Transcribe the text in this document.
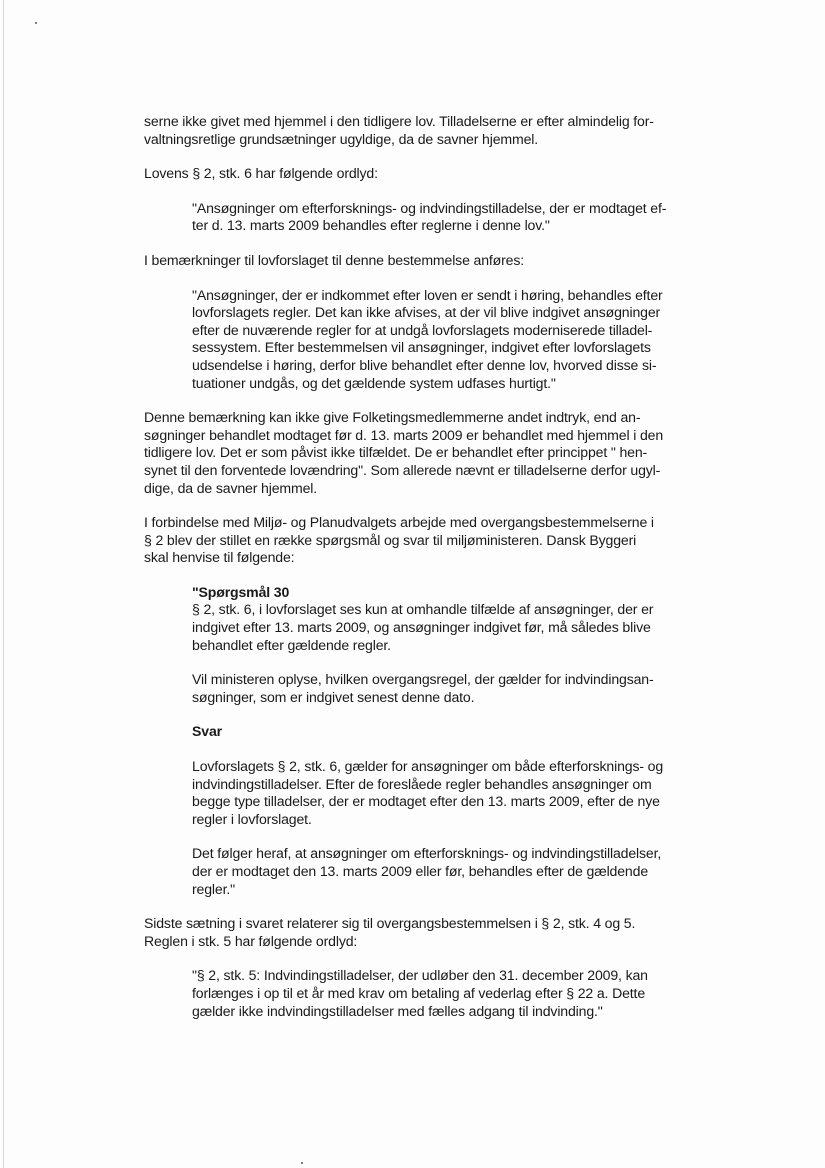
serne ikke givet med hjemmel i den tidligere lov. Tilladelserne er efter almindelig for-
valtningsretlige grundsætninger ugyldige, da de savner hjemmel.
Lovens § 2, stk. 6 har følgende ordlyd:
"Ansøgninger om efterforsknings- og indvindingstilladelse, der er modtaget ef-
ter d. 13. marts 2009 behandles efter reglerne i denne lov."
I bemærkninger til lovforslaget til denne bestemmelse anføres:
"Ansøgninger, der er indkommet efter loven er sendt i høring, behandles efter
lovforslagets regler. Det kan ikke afvises, at der vil blive indgivet ansøgninger
efter de nuværende regler for at undgå lovforslagets moderniserede tilladel-
sessystem. Efter bestemmelsen vil ansøgninger, indgivet efter lovforslagets
udsendelse i høring, derfor blive behandlet efter denne lov, hvorved disse si-
tuationer undgås, og det gældende system udfases hurtigt."
Denne bemærkning kan ikke give Folketingsmedlemmerne andet indtryk, end an-
søgninger behandlet modtaget før d. 13. marts 2009 er behandlet med hjemmel i den
tidligere lov. Det er som påvist ikke tilfældet. De er behandlet efter princippet " hen-
synet til den forventede lovændring". Som allerede nævnt er tilladelserne derfor ugyl-
dige, da de savner hjemmel.
I forbindelse med Miljø- og Planudvalgets arbejde med overgangsbestemmelserne i
§ 2 blev der stillet en række spørgsmål og svar til miljøministeren. Dansk Byggeri
skal henvise til følgende:
"Spørgsmål 30
§ 2, stk. 6, i lovforslaget ses kun at omhandle tilfælde af ansøgninger, der er
indgivet efter 13. marts 2009, og ansøgninger indgivet før, må således blive
behandlet efter gældende regler.
Vil ministeren oplyse, hvilken overgangsregel, der gælder for indvindingsan-
søgninger, som er indgivet senest denne dato.
Svar
Lovforslagets § 2, stk. 6, gælder for ansøgninger om både efterforsknings- og
indvindingstilladelser. Efter de foreslåede regler behandles ansøgninger om
begge type tilladelser, der er modtaget efter den 13. marts 2009, efter de nye
regler i lovforslaget.
Det følger heraf, at ansøgninger om efterforsknings- og indvindingstilladelser,
der er modtaget den 13. marts 2009 eller før, behandles efter de gældende
regler."
Sidste sætning i svaret relaterer sig til overgangsbestemmelsen i § 2, stk. 4 og 5.
Reglen i stk. 5 har følgende ordlyd:
"§ 2, stk. 5: Indvindingstilladelser, der udløber den 31. december 2009, kan
forlænges i op til et år med krav om betaling af vederlag efter § 22 a. Dette
gælder ikke indvindingstilladelser med fælles adgang til indvinding."
